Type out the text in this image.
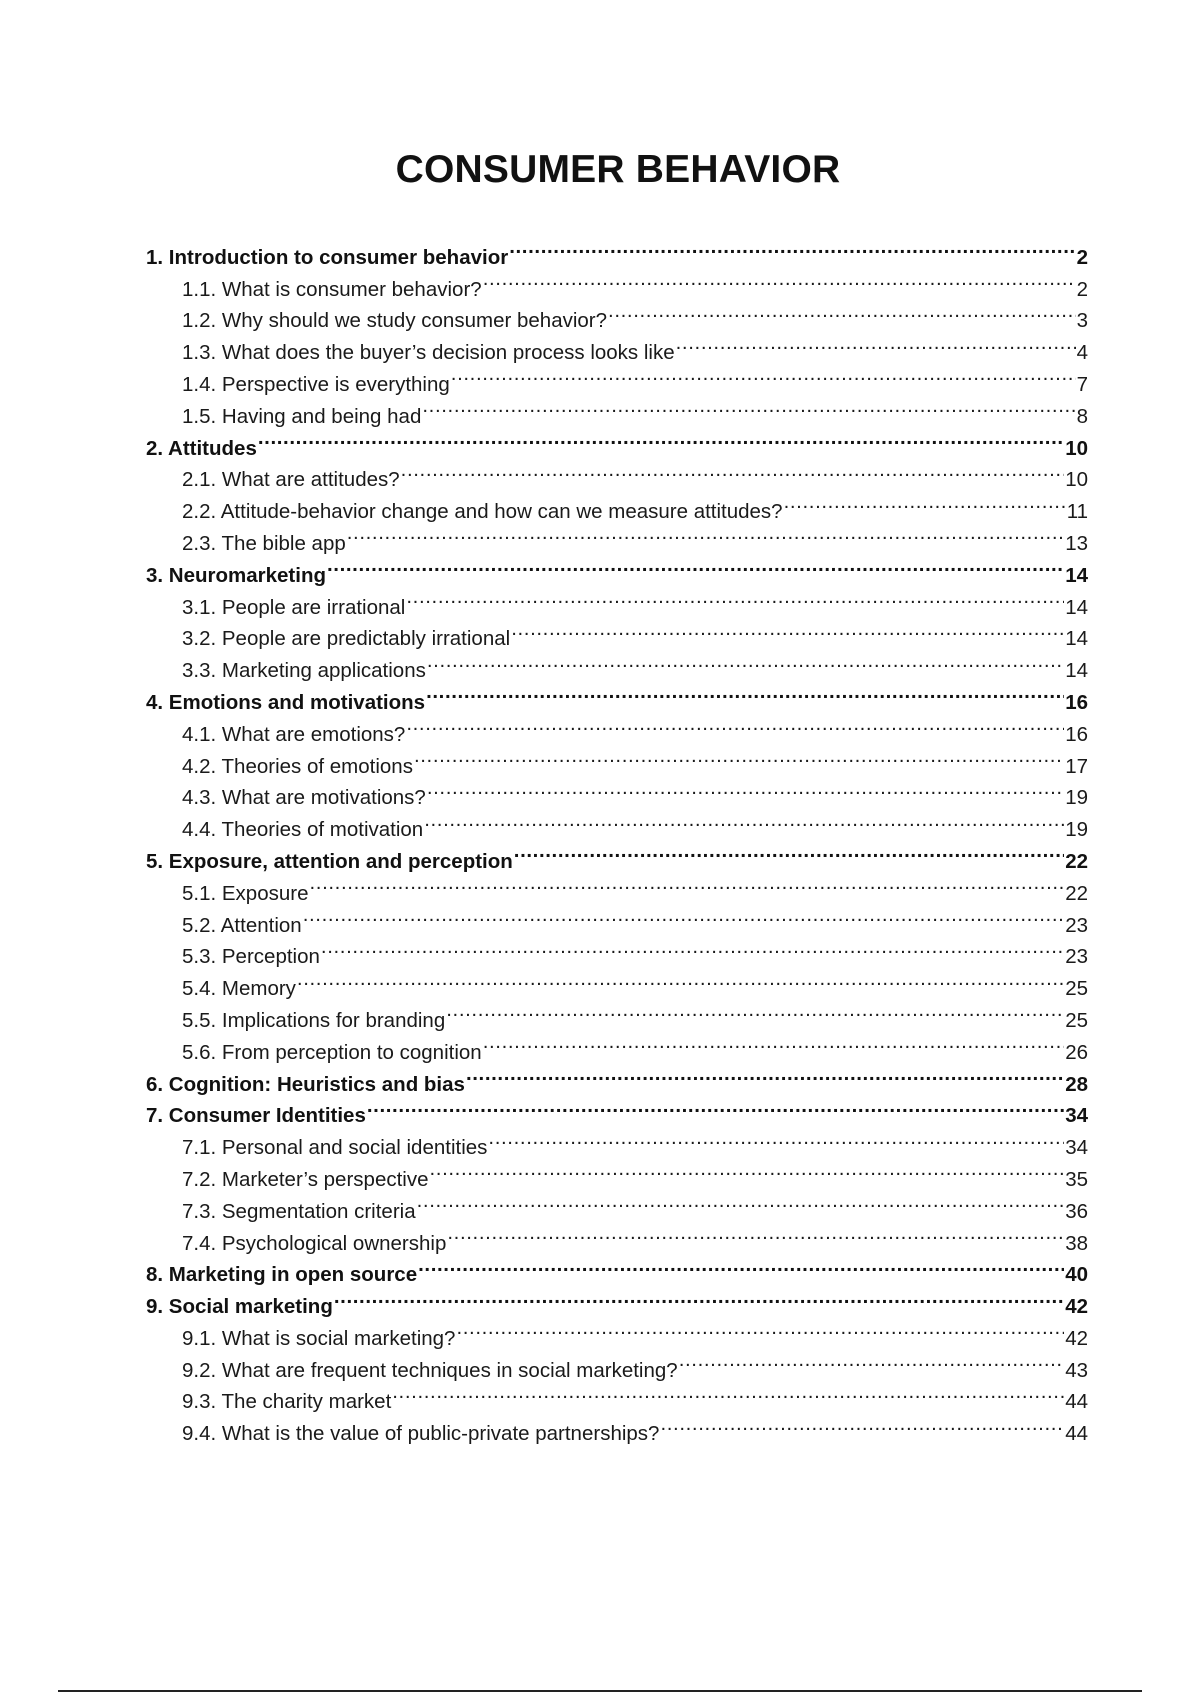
CONSUMER BEHAVIOR
1. Introduction to consumer behavior .....	2
1.1. What is consumer behavior? .....	2
1.2. Why should we study consumer behavior? .....	3
1.3. What does the buyer’s decision process looks like .....	4
1.4. Perspective is everything .....	7
1.5. Having and being had .....	8
2. Attitudes .....	10
2.1. What are attitudes? .....	10
2.2. Attitude-behavior change and how can we measure attitudes? .....	11
2.3. The bible app .....	13
3. Neuromarketing .....	14
3.1. People are irrational .....	14
3.2. People are predictably irrational .....	14
3.3. Marketing applications .....	14
4. Emotions and motivations .....	16
4.1. What are emotions? .....	16
4.2. Theories of emotions .....	17
4.3. What are motivations? .....	19
4.4. Theories of motivation .....	19
5. Exposure, attention and perception .....	22
5.1. Exposure .....	22
5.2. Attention .....	23
5.3. Perception .....	23
5.4. Memory .....	25
5.5. Implications for branding .....	25
5.6. From perception to cognition .....	26
6. Cognition: Heuristics and bias .....	28
7. Consumer Identities .....	34
7.1. Personal and social identities .....	34
7.2. Marketer’s perspective .....	35
7.3. Segmentation criteria .....	36
7.4. Psychological ownership .....	38
8. Marketing in open source .....	40
9. Social marketing .....	42
9.1. What is social marketing? .....	42
9.2. What are frequent techniques in social marketing? .....	43
9.3. The charity market .....	44
9.4. What is the value of public-private partnerships? .....	44
